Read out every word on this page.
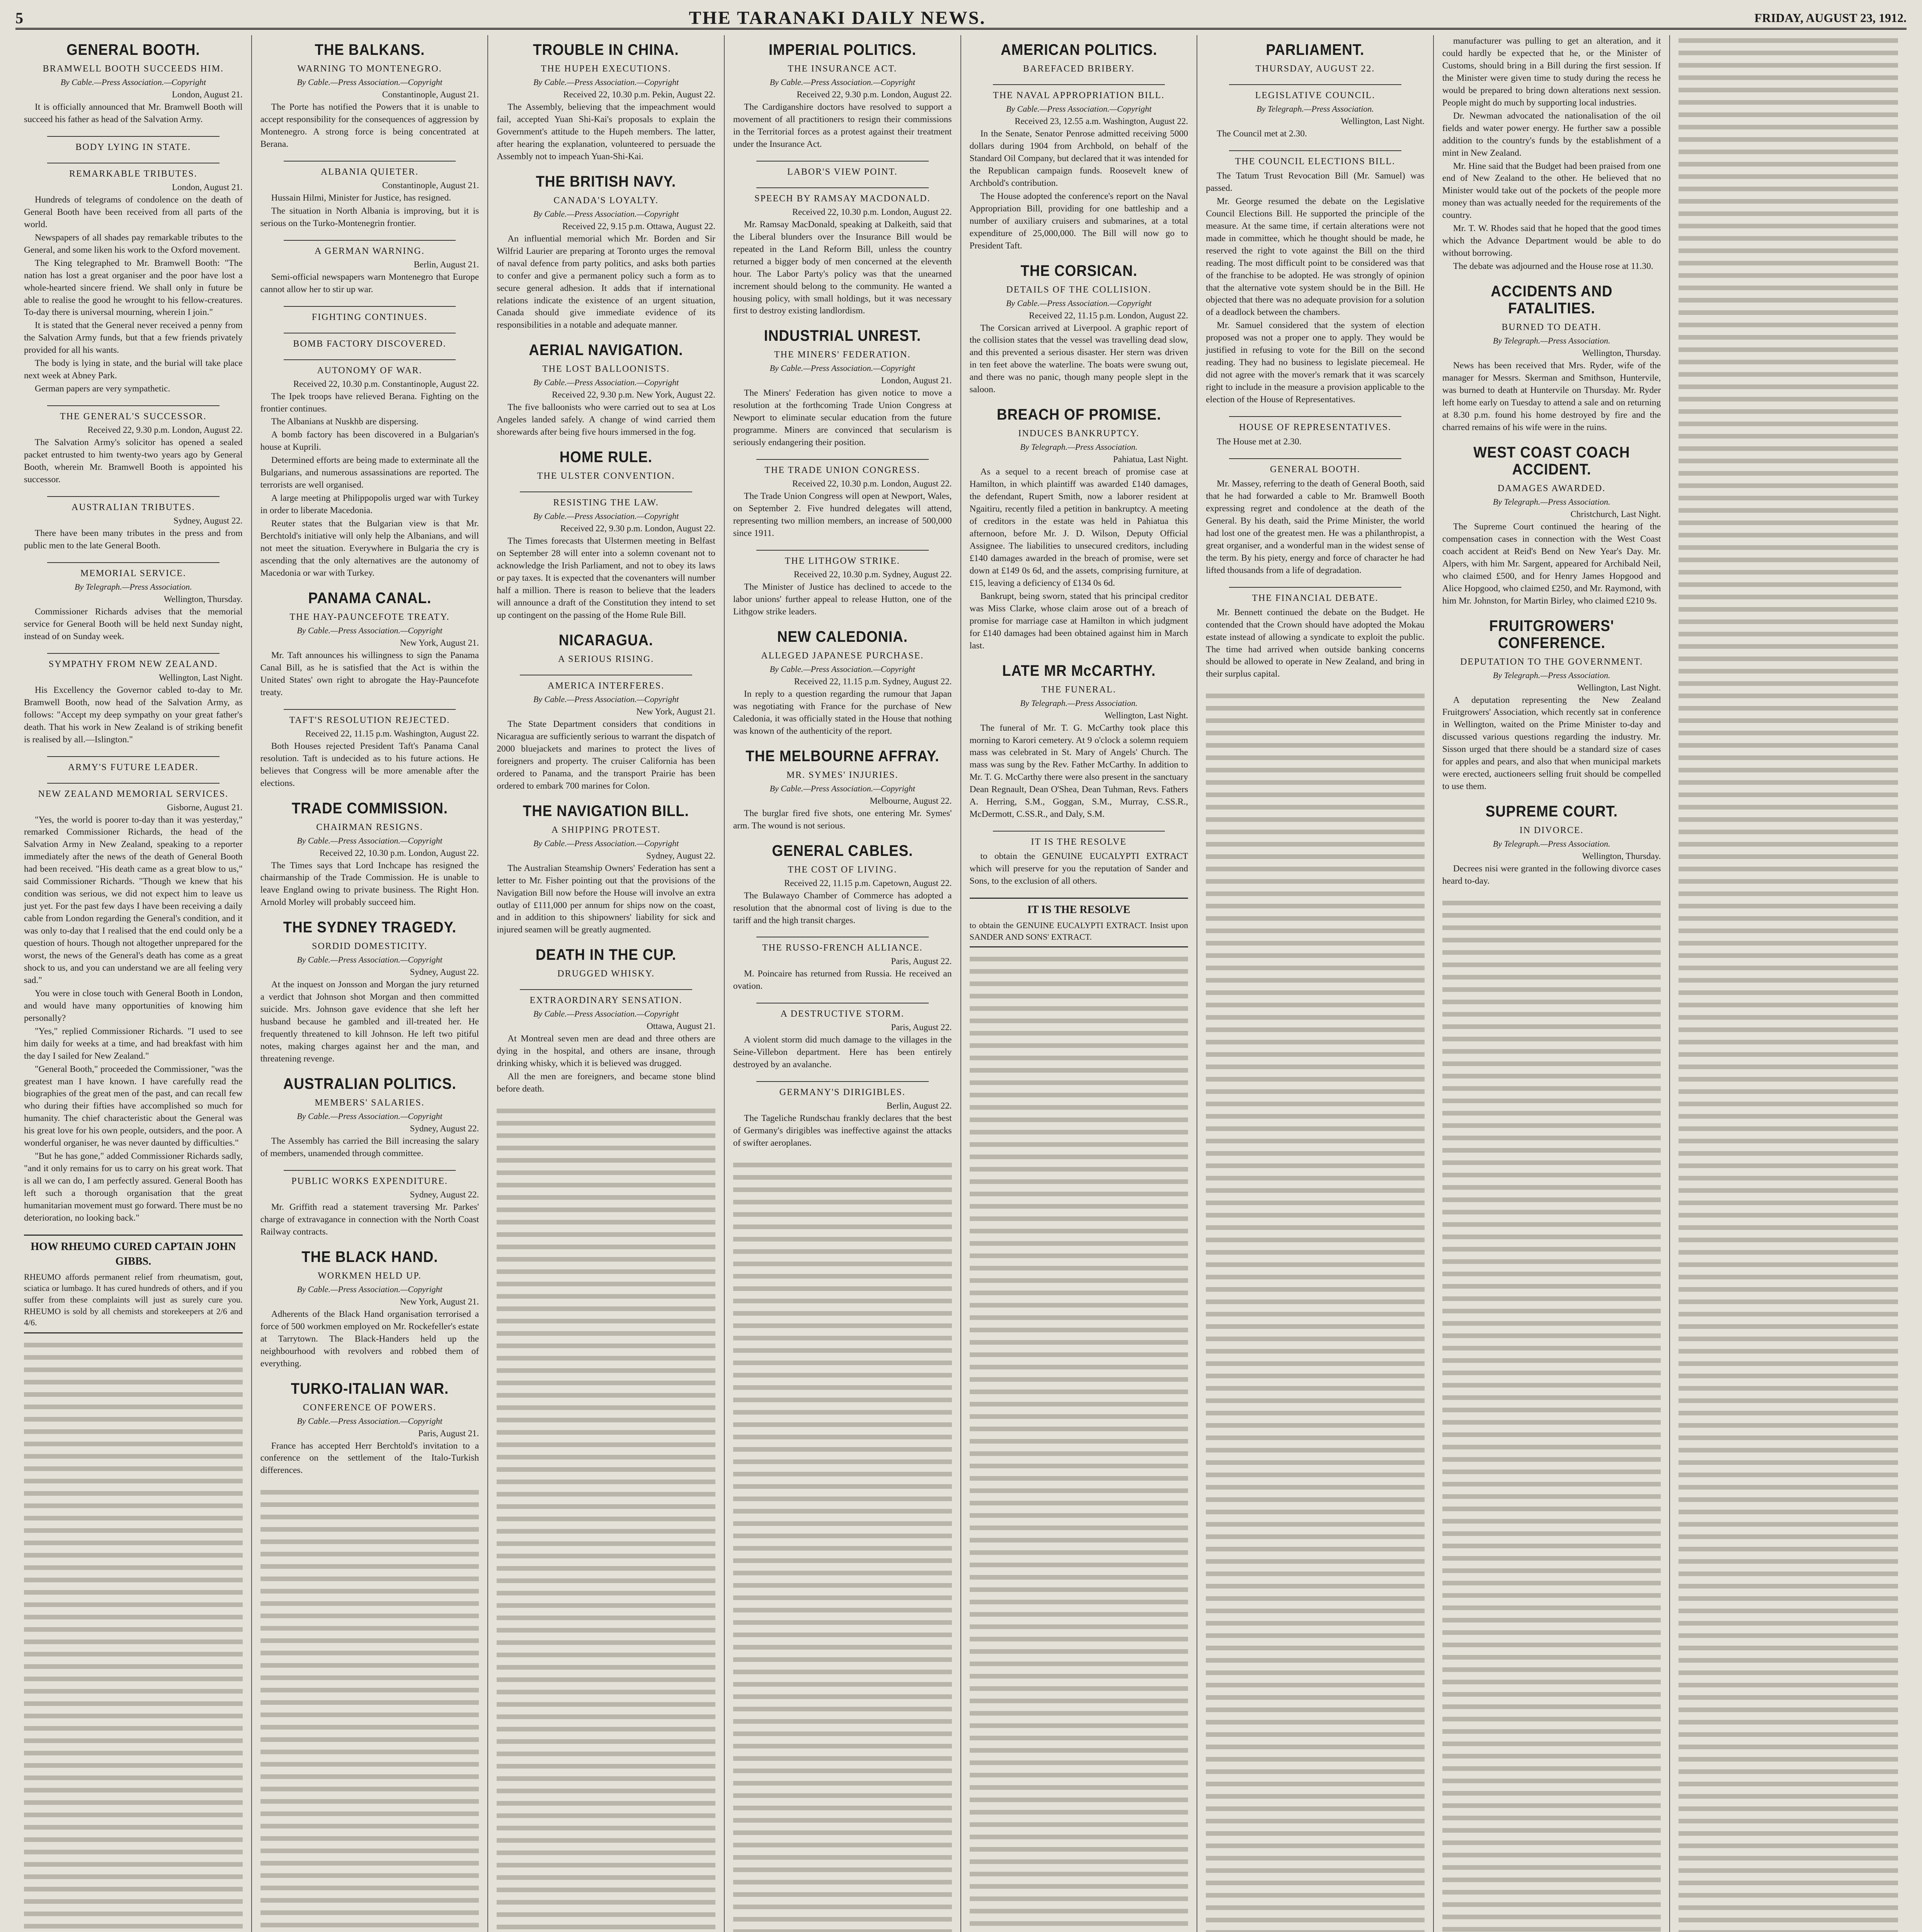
5	THE TARANAKI DAILY NEWS.	FRIDAY, AUGUST 23, 1912.
GENERAL BOOTH.
BRAMWELL BOOTH SUCCEEDS HIM.
By Cable.—Press Association.—Copyright
London, August 21.

It is officially announced that Mr. Bramwell Booth will succeed his father as head of the Salvation Army.

BODY LYING IN STATE.
REMARKABLE TRIBUTES.
London, August 21.

Hundreds of telegrams of condolence on the death of General Booth have been received from all parts of the world.

Newspapers of all shades pay remarkable tributes to the General, and some liken his work to the Oxford movement.

The King telegraphed to Mr. Bramwell Booth: "The nation has lost a great organiser and the poor have lost a whole-hearted sincere friend. We shall only in future be able to realise the good he wrought to his fellow-creatures. To-day there is universal mourning, wherein I join."

It is stated that the General never received a penny from the Salvation Army funds, but that a few friends privately provided for all his wants.

The body is lying in state, and the burial will take place next week at Abney Park.

German papers are very sympathetic.

THE GENERAL'S SUCCESSOR.
Received 22, 9.30 p.m. London, August 22.

The Salvation Army's solicitor has opened a sealed packet entrusted to him twenty-two years ago by General Booth, wherein Mr. Bramwell Booth is appointed his successor.

AUSTRALIAN TRIBUTES.
Sydney, August 22.

There have been many tributes in the press and from public men to the late General Booth.

MEMORIAL SERVICE.
By Telegraph.—Press Association.
Wellington, Thursday.

Commissioner Richards advises that the memorial service for General Booth will be held next Sunday night, instead of on Sunday week.

SYMPATHY FROM NEW ZEALAND.
Wellington, Last Night.

His Excellency the Governor cabled to-day to Mr. Bramwell Booth, now head of the Salvation Army, as follows: "Accept my deep sympathy on your great father's death. That his work in New Zealand is of striking benefit is realised by all.—Islington."

ARMY'S FUTURE LEADER.
NEW ZEALAND MEMORIAL SERVICES.
Gisborne, August 21.

"Yes, the world is poorer to-day than it was yesterday," remarked Commissioner Richards, the head of the Salvation Army in New Zealand, speaking to a reporter immediately after the news of the death of General Booth had been received. "His death came as a great blow to us," said Commissioner Richards. "Though we knew that his condition was serious, we did not expect him to leave us just yet. For the past few days I have been receiving a daily cable from London regarding the General's condition, and it was only to-day that I realised that the end could only be a question of hours. Though not altogether unprepared for the worst, the news of the General's death has come as a great shock to us, and you can understand we are all feeling very sad."

You were in close touch with General Booth in London, and would have many opportunities of knowing him personally?

"Yes," replied Commissioner Richards. "I used to see him daily for weeks at a time, and had breakfast with him the day I sailed for New Zealand."

"General Booth," proceeded the Commissioner, "was the greatest man I have known. I have carefully read the biographies of the great men of the past, and can recall few who during their fifties have accomplished so much for humanity. The chief characteristic about the General was his great love for his own people, outsiders, and the poor. A wonderful organiser, he was never daunted by difficulties."

"But he has gone," added Commissioner Richards sadly, "and it only remains for us to carry on his great work. That is all we can do, I am perfectly assured. General Booth has left such a thorough organisation that the great humanitarian movement must go forward. There must be no deterioration, no looking back."

HOW RHEUMO CURED CAPTAIN JOHN GIBBS.
RHEUMO affords permanent relief from rheumatism, gout, sciatica or lumbago. It has cured hundreds of others, and if you suffer from these complaints will just as surely cure you. RHEUMO is sold by all chemists and storekeepers at 2/6 and 4/6.
THE BALKANS.
WARNING TO MONTENEGRO.
By Cable.—Press Association.—Copyright
Constantinople, August 21.

The Porte has notified the Powers that it is unable to accept responsibility for the consequences of aggression by Montenegro. A strong force is being concentrated at Berana.

ALBANIA QUIETER.
Constantinople, August 21.

Hussain Hilmi, Minister for Justice, has resigned.

The situation in North Albania is improving, but it is serious on the Turko-Montenegrin frontier.

A GERMAN WARNING.
Berlin, August 21.

Semi-official newspapers warn Montenegro that Europe cannot allow her to stir up war.

FIGHTING CONTINUES.
BOMB FACTORY DISCOVERED.
AUTONOMY OF WAR.
Received 22, 10.30 p.m. Constantinople, August 22.

The Ipek troops have relieved Berana. Fighting on the frontier continues.

The Albanians at Nuskhb are dispersing.

A bomb factory has been discovered in a Bulgarian's house at Kuprili.

Determined efforts are being made to exterminate all the Bulgarians, and numerous assassinations are reported. The terrorists are well organised.

A large meeting at Philippopolis urged war with Turkey in order to liberate Macedonia.

Reuter states that the Bulgarian view is that Mr. Berchtold's initiative will only help the Albanians, and will not meet the situation. Everywhere in Bulgaria the cry is ascending that the only alternatives are the autonomy of Macedonia or war with Turkey.

PANAMA CANAL.
THE HAY-PAUNCEFOTE TREATY.
By Cable.—Press Association.—Copyright
New York, August 21.

Mr. Taft announces his willingness to sign the Panama Canal Bill, as he is satisfied that the Act is within the United States' own right to abrogate the Hay-Pauncefote treaty.

TAFT'S RESOLUTION REJECTED.
Received 22, 11.15 p.m. Washington, August 22.

Both Houses rejected President Taft's Panama Canal resolution. Taft is undecided as to his future actions. He believes that Congress will be more amenable after the elections.

TRADE COMMISSION.
CHAIRMAN RESIGNS.
By Cable.—Press Association.—Copyright
Received 22, 10.30 p.m. London, August 22.

The Times says that Lord Inchcape has resigned the chairmanship of the Trade Commission. He is unable to leave England owing to private business. The Right Hon. Arnold Morley will probably succeed him.

THE SYDNEY TRAGEDY.
SORDID DOMESTICITY.
By Cable.—Press Association.—Copyright
Sydney, August 22.

At the inquest on Jonsson and Morgan the jury returned a verdict that Johnson shot Morgan and then committed suicide. Mrs. Johnson gave evidence that she left her husband because he gambled and ill-treated her. He frequently threatened to kill Johnson. He left two pitiful notes, making charges against her and the man, and threatening revenge.

AUSTRALIAN POLITICS.
MEMBERS' SALARIES.
By Cable.—Press Association.—Copyright
Sydney, August 22.

The Assembly has carried the Bill increasing the salary of members, unamended through committee.

PUBLIC WORKS EXPENDITURE.
Sydney, August 22.

Mr. Griffith read a statement traversing Mr. Parkes' charge of extravagance in connection with the North Coast Railway contracts.

THE BLACK HAND.
WORKMEN HELD UP.
By Cable.—Press Association.—Copyright
New York, August 21.

Adherents of the Black Hand organisation terrorised a force of 500 workmen employed on Mr. Rockefeller's estate at Tarrytown. The Black-Handers held up the neighbourhood with revolvers and robbed them of everything.

TURKO-ITALIAN WAR.
CONFERENCE OF POWERS.
By Cable.—Press Association.—Copyright
Paris, August 21.

France has accepted Herr Berchtold's invitation to a conference on the settlement of the Italo-Turkish differences.

TROUBLE IN CHINA.
THE HUPEH EXECUTIONS.
By Cable.—Press Association.—Copyright
Received 22, 10.30 p.m. Pekin, August 22.

The Assembly, believing that the impeachment would fail, accepted Yuan Shi-Kai's proposals to explain the Government's attitude to the Hupeh members. The latter, after hearing the explanation, volunteered to persuade the Assembly not to impeach Yuan-Shi-Kai.

THE BRITISH NAVY.
CANADA'S LOYALTY.
By Cable.—Press Association.—Copyright
Received 22, 9.15 p.m. Ottawa, August 22.

An influential memorial which Mr. Borden and Sir Wilfrid Laurier are preparing at Toronto urges the removal of naval defence from party politics, and asks both parties to confer and give a permanent policy such a form as to secure general adhesion. It adds that if international relations indicate the existence of an urgent situation, Canada should give immediate evidence of its responsibilities in a notable and adequate manner.

AERIAL NAVIGATION.
THE LOST BALLOONISTS.
By Cable.—Press Association.—Copyright
Received 22, 9.30 p.m. New York, August 22.

The five balloonists who were carried out to sea at Los Angeles landed safely. A change of wind carried them shorewards after being five hours immersed in the fog.

HOME RULE.
THE ULSTER CONVENTION.
RESISTING THE LAW.
By Cable.—Press Association.—Copyright
Received 22, 9.30 p.m. London, August 22.

The Times forecasts that Ulstermen meeting in Belfast on September 28 will enter into a solemn covenant not to acknowledge the Irish Parliament, and not to obey its laws or pay taxes. It is expected that the covenanters will number half a million. There is reason to believe that the leaders will announce a draft of the Constitution they intend to set up contingent on the passing of the Home Rule Bill.

NICARAGUA.
A SERIOUS RISING.
AMERICA INTERFERES.
By Cable.—Press Association.—Copyright
New York, August 21.

The State Department considers that conditions in Nicaragua are sufficiently serious to warrant the dispatch of 2000 bluejackets and marines to protect the lives of foreigners and property. The cruiser California has been ordered to Panama, and the transport Prairie has been ordered to embark 700 marines for Colon.

THE NAVIGATION BILL.
A SHIPPING PROTEST.
By Cable.—Press Association.—Copyright
Sydney, August 22.

The Australian Steamship Owners' Federation has sent a letter to Mr. Fisher pointing out that the provisions of the Navigation Bill now before the House will involve an extra outlay of £111,000 per annum for ships now on the coast, and in addition to this shipowners' liability for sick and injured seamen will be greatly augmented.

DEATH IN THE CUP.
DRUGGED WHISKY.
EXTRAORDINARY SENSATION.
By Cable.—Press Association.—Copyright
Ottawa, August 21.

At Montreal seven men are dead and three others are dying in the hospital, and others are insane, through drinking whisky, which it is believed was drugged.

All the men are foreigners, and became stone blind before death.

IMPERIAL POLITICS.
THE INSURANCE ACT.
By Cable.—Press Association.—Copyright
Received 22, 9.30 p.m. London, August 22.

The Cardiganshire doctors have resolved to support a movement of all practitioners to resign their commissions in the Territorial forces as a protest against their treatment under the Insurance Act.

LABOR'S VIEW POINT.
SPEECH BY RAMSAY MACDONALD.
Received 22, 10.30 p.m. London, August 22.

Mr. Ramsay MacDonald, speaking at Dalkeith, said that the Liberal blunders over the Insurance Bill would be repeated in the Land Reform Bill, unless the country returned a bigger body of men concerned at the eleventh hour. The Labor Party's policy was that the unearned increment should belong to the community. He wanted a housing policy, with small holdings, but it was necessary first to destroy existing landlordism.

INDUSTRIAL UNREST.
THE MINERS' FEDERATION.
By Cable.—Press Association.—Copyright
London, August 21.

The Miners' Federation has given notice to move a resolution at the forthcoming Trade Union Congress at Newport to eliminate secular education from the future programme. Miners are convinced that secularism is seriously endangering their position.

THE TRADE UNION CONGRESS.
Received 22, 10.30 p.m. London, August 22.

The Trade Union Congress will open at Newport, Wales, on September 2. Five hundred delegates will attend, representing two million members, an increase of 500,000 since 1911.

THE LITHGOW STRIKE.
Received 22, 10.30 p.m. Sydney, August 22.

The Minister of Justice has declined to accede to the labor unions' further appeal to release Hutton, one of the Lithgow strike leaders.

NEW CALEDONIA.
ALLEGED JAPANESE PURCHASE.
By Cable.—Press Association.—Copyright
Received 22, 11.15 p.m. Sydney, August 22.

In reply to a question regarding the rumour that Japan was negotiating with France for the purchase of New Caledonia, it was officially stated in the House that nothing was known of the authenticity of the report.

THE MELBOURNE AFFRAY.
MR. SYMES' INJURIES.
By Cable.—Press Association.—Copyright
Melbourne, August 22.

The burglar fired five shots, one entering Mr. Symes' arm. The wound is not serious.

GENERAL CABLES.
THE COST OF LIVING.
Received 22, 11.15 p.m. Capetown, August 22.

The Bulawayo Chamber of Commerce has adopted a resolution that the abnormal cost of living is due to the tariff and the high transit charges.

THE RUSSO-FRENCH ALLIANCE.
Paris, August 22.

M. Poincaire has returned from Russia. He received an ovation.

A DESTRUCTIVE STORM.
Paris, August 22.

A violent storm did much damage to the villages in the Seine-Villebon department. Here has been entirely destroyed by an avalanche.

GERMANY'S DIRIGIBLES.
Berlin, August 22.

The Tageliche Rundschau frankly declares that the best of Germany's dirigibles was ineffective against the attacks of swifter aeroplanes.

AMERICAN POLITICS.
BAREFACED BRIBERY.
THE NAVAL APPROPRIATION BILL.
By Cable.—Press Association.—Copyright
Received 23, 12.55 a.m. Washington, August 22.

In the Senate, Senator Penrose admitted receiving 5000 dollars during 1904 from Archbold, on behalf of the Standard Oil Company, but declared that it was intended for the Republican campaign funds. Roosevelt knew of Archbold's contribution.

The House adopted the conference's report on the Naval Appropriation Bill, providing for one battleship and a number of auxiliary cruisers and submarines, at a total expenditure of 25,000,000. The Bill will now go to President Taft.

THE CORSICAN.
DETAILS OF THE COLLISION.
By Cable.—Press Association.—Copyright
Received 22, 11.15 p.m. London, August 22.

The Corsican arrived at Liverpool. A graphic report of the collision states that the vessel was travelling dead slow, and this prevented a serious disaster. Her stern was driven in ten feet above the waterline. The boats were swung out, and there was no panic, though many people slept in the saloon.

BREACH OF PROMISE.
INDUCES BANKRUPTCY.
By Telegraph.—Press Association.
Pahiatua, Last Night.

As a sequel to a recent breach of promise case at Hamilton, in which plaintiff was awarded £140 damages, the defendant, Rupert Smith, now a laborer resident at Ngaitiru, recently filed a petition in bankruptcy. A meeting of creditors in the estate was held in Pahiatua this afternoon, before Mr. J. D. Wilson, Deputy Official Assignee. The liabilities to unsecured creditors, including £140 damages awarded in the breach of promise, were set down at £149 0s 6d, and the assets, comprising furniture, at £15, leaving a deficiency of £134 0s 6d.

Bankrupt, being sworn, stated that his principal creditor was Miss Clarke, whose claim arose out of a breach of promise for marriage case at Hamilton in which judgment for £140 damages had been obtained against him in March last.

LATE MR McCARTHY.
THE FUNERAL.
By Telegraph.—Press Association.
Wellington, Last Night.

The funeral of Mr. T. G. McCarthy took place this morning to Karori cemetery. At 9 o'clock a solemn requiem mass was celebrated in St. Mary of Angels' Church. The mass was sung by the Rev. Father McCarthy. In addition to Mr. T. G. McCarthy there were also present in the sanctuary Dean Regnault, Dean O'Shea, Dean Tuhman, Revs. Fathers A. Herring, S.M., Goggan, S.M., Murray, C.SS.R., McDermott, C.SS.R., and Daly, S.M.

IT IS THE RESOLVE

to obtain the GENUINE EUCALYPTI EXTRACT which will preserve for you the reputation of Sander and Sons, to the exclusion of all others.

IT IS THE RESOLVE
to obtain the GENUINE EUCALYPTI EXTRACT. Insist upon SANDER AND SONS' EXTRACT.
PARLIAMENT.
THURSDAY, AUGUST 22.
LEGISLATIVE COUNCIL.
By Telegraph.—Press Association.
Wellington, Last Night.

The Council met at 2.30.

THE COUNCIL ELECTIONS BILL.

The Tatum Trust Revocation Bill (Mr. Samuel) was passed.

Mr. George resumed the debate on the Legislative Council Elections Bill. He supported the principle of the measure. At the same time, if certain alterations were not made in committee, which he thought should be made, he reserved the right to vote against the Bill on the third reading. The most difficult point to be considered was that of the franchise to be adopted. He was strongly of opinion that the alternative vote system should be in the Bill. He objected that there was no adequate provision for a solution of a deadlock between the chambers.

Mr. Samuel considered that the system of election proposed was not a proper one to apply. They would be justified in refusing to vote for the Bill on the second reading. They had no business to legislate piecemeal. He did not agree with the mover's remark that it was scarcely right to include in the measure a provision applicable to the election of the House of Representatives.

HOUSE OF REPRESENTATIVES.

The House met at 2.30.

GENERAL BOOTH.

Mr. Massey, referring to the death of General Booth, said that he had forwarded a cable to Mr. Bramwell Booth expressing regret and condolence at the death of the General. By his death, said the Prime Minister, the world had lost one of the greatest men. He was a philanthropist, a great organiser, and a wonderful man in the widest sense of the term. By his piety, energy and force of character he had lifted thousands from a life of degradation.

THE FINANCIAL DEBATE.

Mr. Bennett continued the debate on the Budget. He contended that the Crown should have adopted the Mokau estate instead of allowing a syndicate to exploit the public. The time had arrived when outside banking concerns should be allowed to operate in New Zealand, and bring in their surplus capital.

manufacturer was pulling to get an alteration, and it could hardly be expected that he, or the Minister of Customs, should bring in a Bill during the first session. If the Minister were given time to study during the recess he would be prepared to bring down alterations next session. People might do much by supporting local industries.

Dr. Newman advocated the nationalisation of the oil fields and water power energy. He further saw a possible addition to the country's funds by the establishment of a mint in New Zealand.

Mr. Hine said that the Budget had been praised from one end of New Zealand to the other. He believed that no Minister would take out of the pockets of the people more money than was actually needed for the requirements of the country.

Mr. T. W. Rhodes said that he hoped that the good times which the Advance Department would be able to do without borrowing.

The debate was adjourned and the House rose at 11.30.

ACCIDENTS AND FATALITIES.
BURNED TO DEATH.
By Telegraph.—Press Association.
Wellington, Thursday.

News has been received that Mrs. Ryder, wife of the manager for Messrs. Skerman and Smithson, Huntervile, was burned to death at Huntervile on Thursday. Mr. Ryder left home early on Tuesday to attend a sale and on returning at 8.30 p.m. found his home destroyed by fire and the charred remains of his wife were in the ruins.

WEST COAST COACH ACCIDENT.
DAMAGES AWARDED.
By Telegraph.—Press Association.
Christchurch, Last Night.

The Supreme Court continued the hearing of the compensation cases in connection with the West Coast coach accident at Reid's Bend on New Year's Day. Mr. Alpers, with him Mr. Sargent, appeared for Archibald Neil, who claimed £500, and for Henry James Hopgood and Alice Hopgood, who claimed £250, and Mr. Raymond, with him Mr. Johnston, for Martin Birley, who claimed £210 9s.

FRUITGROWERS' CONFERENCE.
DEPUTATION TO THE GOVERNMENT.
By Telegraph.—Press Association.
Wellington, Last Night.

A deputation representing the New Zealand Fruitgrowers' Association, which recently sat in conference in Wellington, waited on the Prime Minister to-day and discussed various questions regarding the industry. Mr. Sisson urged that there should be a standard size of cases for apples and pears, and also that when municipal markets were erected, auctioneers selling fruit should be compelled to use them.

SUPREME COURT.
IN DIVORCE.
By Telegraph.—Press Association.
Wellington, Thursday.

Decrees nisi were granted in the following divorce cases heard to-day.
